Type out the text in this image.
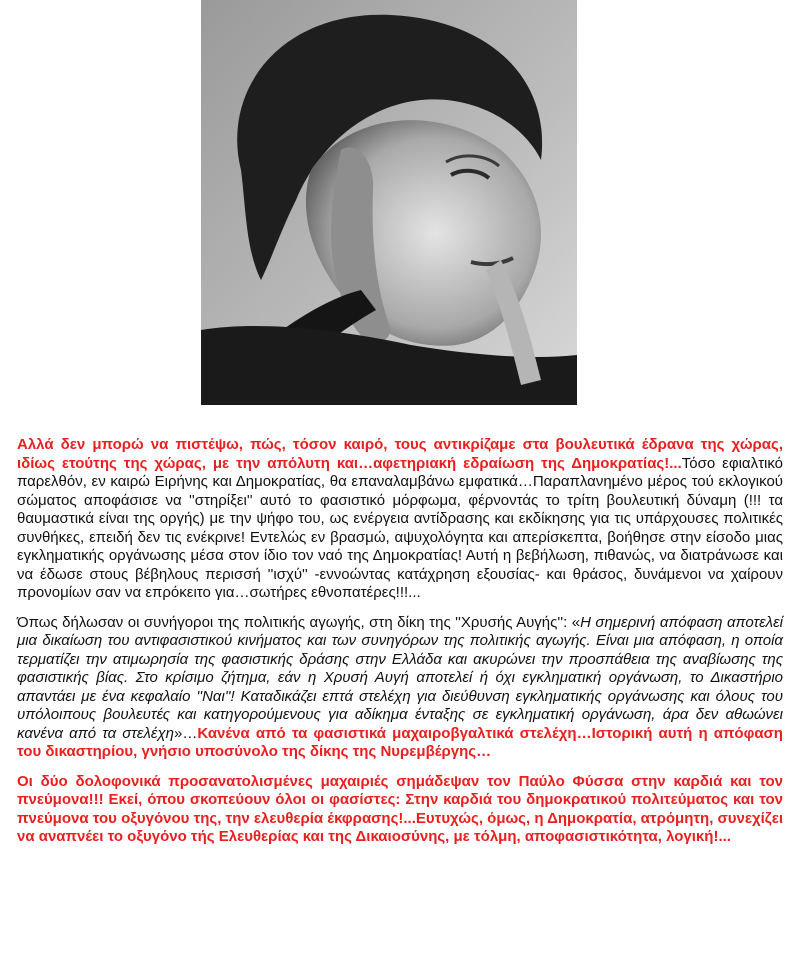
Αλλά δεν μπορώ να πιστέψω, πώς, τόσον καιρό, τους αντικρίζαμε στα βουλευτικά έδρανα της χώρας, ιδίως ετούτης της χώρας, με την απόλυτη και…αφετηριακή εδραίωση της Δημοκρατίας!...Τόσο εφιαλτικό παρελθόν, εν καιρώ Ειρήνης και Δημοκρατίας, θα επαναλαμβάνω εμφατικά…Παραπλανημένο μέρος τού εκλογικού σώματος αποφάσισε να ''στηρίξει'' αυτό το φασιστικό μόρφωμα, φέρνοντάς το τρίτη βουλευτική δύναμη (!!! τα θαυμαστικά είναι της οργής) με την ψήφο του, ως ενέργεια αντίδρασης και εκδίκησης για τις υπάρχουσες πολιτικές συνθήκες, επειδή δεν τις ενέκρινε! Εντελώς εν βρασμώ, αψυχολόγητα και απερίσκεπτα, βοήθησε στην είσοδο μιας εγκληματικής οργάνωσης μέσα στον ίδιο τον ναό της Δημοκρατίας! Αυτή η βεβήλωση, πιθανώς, να διατράνωσε και να έδωσε στους βέβηλους περισσή ''ισχύ'' -εννοώντας κατάχρηση εξουσίας- και θράσος, δυνάμενοι να χαίρουν προνομίων σαν να επρόκειτο για…σωτήρες εθνοπατέρες!!!...

Όπως δήλωσαν οι συνήγοροι της πολιτικής αγωγής, στη δίκη της ''Χρυσής Αυγής'': «Η σημερινή απόφαση αποτελεί μια δικαίωση του αντιφασιστικού κινήματος και των συνηγόρων της πολιτικής αγωγής. Είναι μια απόφαση, η οποία τερματίζει την ατιμωρησία της φασιστικής δράσης στην Ελλάδα και ακυρώνει την προσπάθεια της αναβίωσης της φασιστικής βίας. Στο κρίσιμο ζήτημα, εάν η Χρυσή Αυγή αποτελεί ή όχι εγκληματική οργάνωση, το Δικαστήριο απαντάει με ένα κεφαλαίο ''Ναι''! Καταδικάζει επτά στελέχη για διεύθυνση εγκληματικής οργάνωσης και όλους του υπόλοιπους βουλευτές και κατηγορούμενους για αδίκημα ένταξης σε εγκληματική οργάνωση, άρα δεν αθωώνει κανένα από τα στελέχη»…Κανένα από τα φασιστικά μαχαιροβγαλτικά στελέχη…Ιστορική αυτή η απόφαση του δικαστηρίου, γνήσιο υποσύνολο της δίκης της Νυρεμβέργης…

Οι δύο δολοφονικά προσανατολισμένες μαχαιριές σημάδεψαν τον Παύλο Φύσσα στην καρδιά και τον πνεύμονα!!! Εκεί, όπου σκοπεύουν όλοι οι φασίστες: Στην καρδιά του δημοκρατικού πολιτεύματος και τον πνεύμονα του οξυγόνου της, την ελευθερία έκφρασης!...Ευτυχώς, όμως, η Δημοκρατία, ατρόμητη, συνεχίζει να αναπνέει το οξυγόνο τής Ελευθερίας και της Δικαιοσύνης, με τόλμη, αποφασιστικότητα, λογική!...
